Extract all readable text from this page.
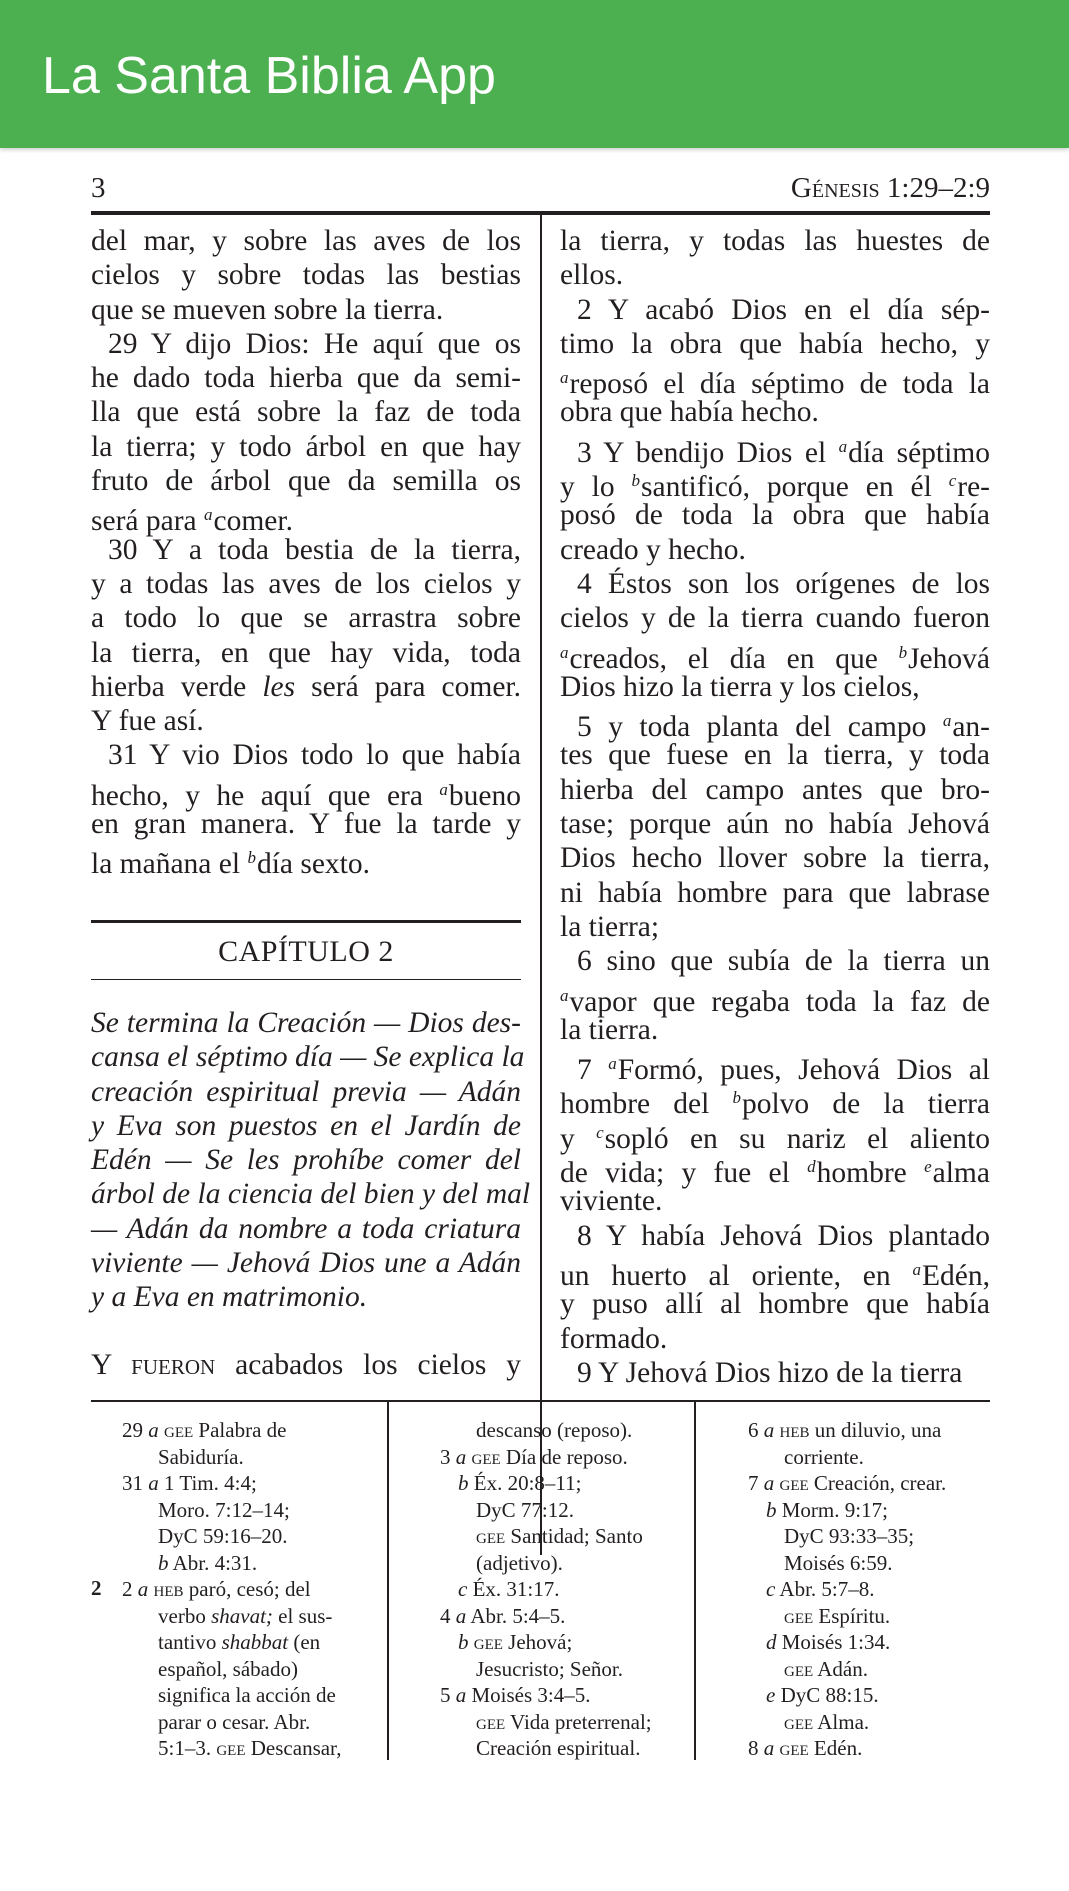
La Santa Biblia App
3	Génesis 1:29–2:9
del mar, y sobre las aves de los
cielos y sobre todas las bestias
que se mueven sobre la tierra.
29 Y dijo Dios: He aquí que os
he dado toda hierba que da semi-
lla que está sobre la faz de toda
la tierra; y todo árbol en que hay
fruto de árbol que da semilla os
será para $^a$comer.
30 Y a toda bestia de la tierra,
y a todas las aves de los cielos y
a todo lo que se arrastra sobre
la tierra, en que hay vida, toda
hierba verde les será para comer.
Y fue así.
31 Y vio Dios todo lo que había
hecho, y he aquí que era $^a$bueno
en gran manera. Y fue la tarde y
la mañana el $^b$día sexto.
CAPÍTULO 2
Se termina la Creación — Dios des-
cansa el séptimo día — Se explica la
creación espiritual previa — Adán
y Eva son puestos en el Jardín de
Edén — Se les prohíbe comer del
árbol de la ciencia del bien y del mal
— Adán da nombre a toda criatura
viviente — Jehová Dios une a Adán
y a Eva en matrimonio.
Y fueron acabados los cielos y
la tierra, y todas las huestes de
ellos.
2 Y acabó Dios en el día sép-
timo la obra que había hecho, y
$^a$reposó el día séptimo de toda la
obra que había hecho.
3 Y bendijo Dios el $^a$día séptimo
y lo $^b$santificó, porque en él $^c$re-
posó de toda la obra que había
creado y hecho.
4 Éstos son los orígenes de los
cielos y de la tierra cuando fueron
$^a$creados, el día en que $^b$Jehová
Dios hizo la tierra y los cielos,
5 y toda planta del campo $^a$an-
tes que fuese en la tierra, y toda
hierba del campo antes que bro-
tase; porque aún no había Jehová
Dios hecho llover sobre la tierra,
ni había hombre para que labrase
la tierra;
6 sino que subía de la tierra un
$^a$vapor que regaba toda la faz de
la tierra.
7 $^a$Formó, pues, Jehová Dios al
hombre del $^b$polvo de la tierra
y $^c$sopló en su nariz el aliento
de vida; y fue el $^d$hombre $^e$alma
viviente.
8 Y había Jehová Dios plantado
un huerto al oriente, en $^a$Edén,
y puso allí al hombre que había
formado.
9 Y Jehová Dios hizo de la tierra
2
29 a gee Palabra de
Sabiduría.
31 a 1 Tim. 4:4;
Moro. 7:12–14;
DyC 59:16–20.
b Abr. 4:31.
2 a heb paró, cesó; del
verbo shavat; el sus-
tantivo shabbat (en
español, sábado)
significa la acción de
parar o cesar. Abr.
5:1–3. gee Descansar,
descanso (reposo).
3 a gee Día de reposo.
b Éx. 20:8–11;
DyC 77:12.
gee Santidad; Santo
(adjetivo).
c Éx. 31:17.
4 a Abr. 5:4–5.
b gee Jehová;
Jesucristo; Señor.
5 a Moisés 3:4–5.
gee Vida preterrenal;
Creación espiritual.
6 a heb un diluvio, una
corriente.
7 a gee Creación, crear.
b Morm. 9:17;
DyC 93:33–35;
Moisés 6:59.
c Abr. 5:7–8.
gee Espíritu.
d Moisés 1:34.
gee Adán.
e DyC 88:15.
gee Alma.
8 a gee Edén.
